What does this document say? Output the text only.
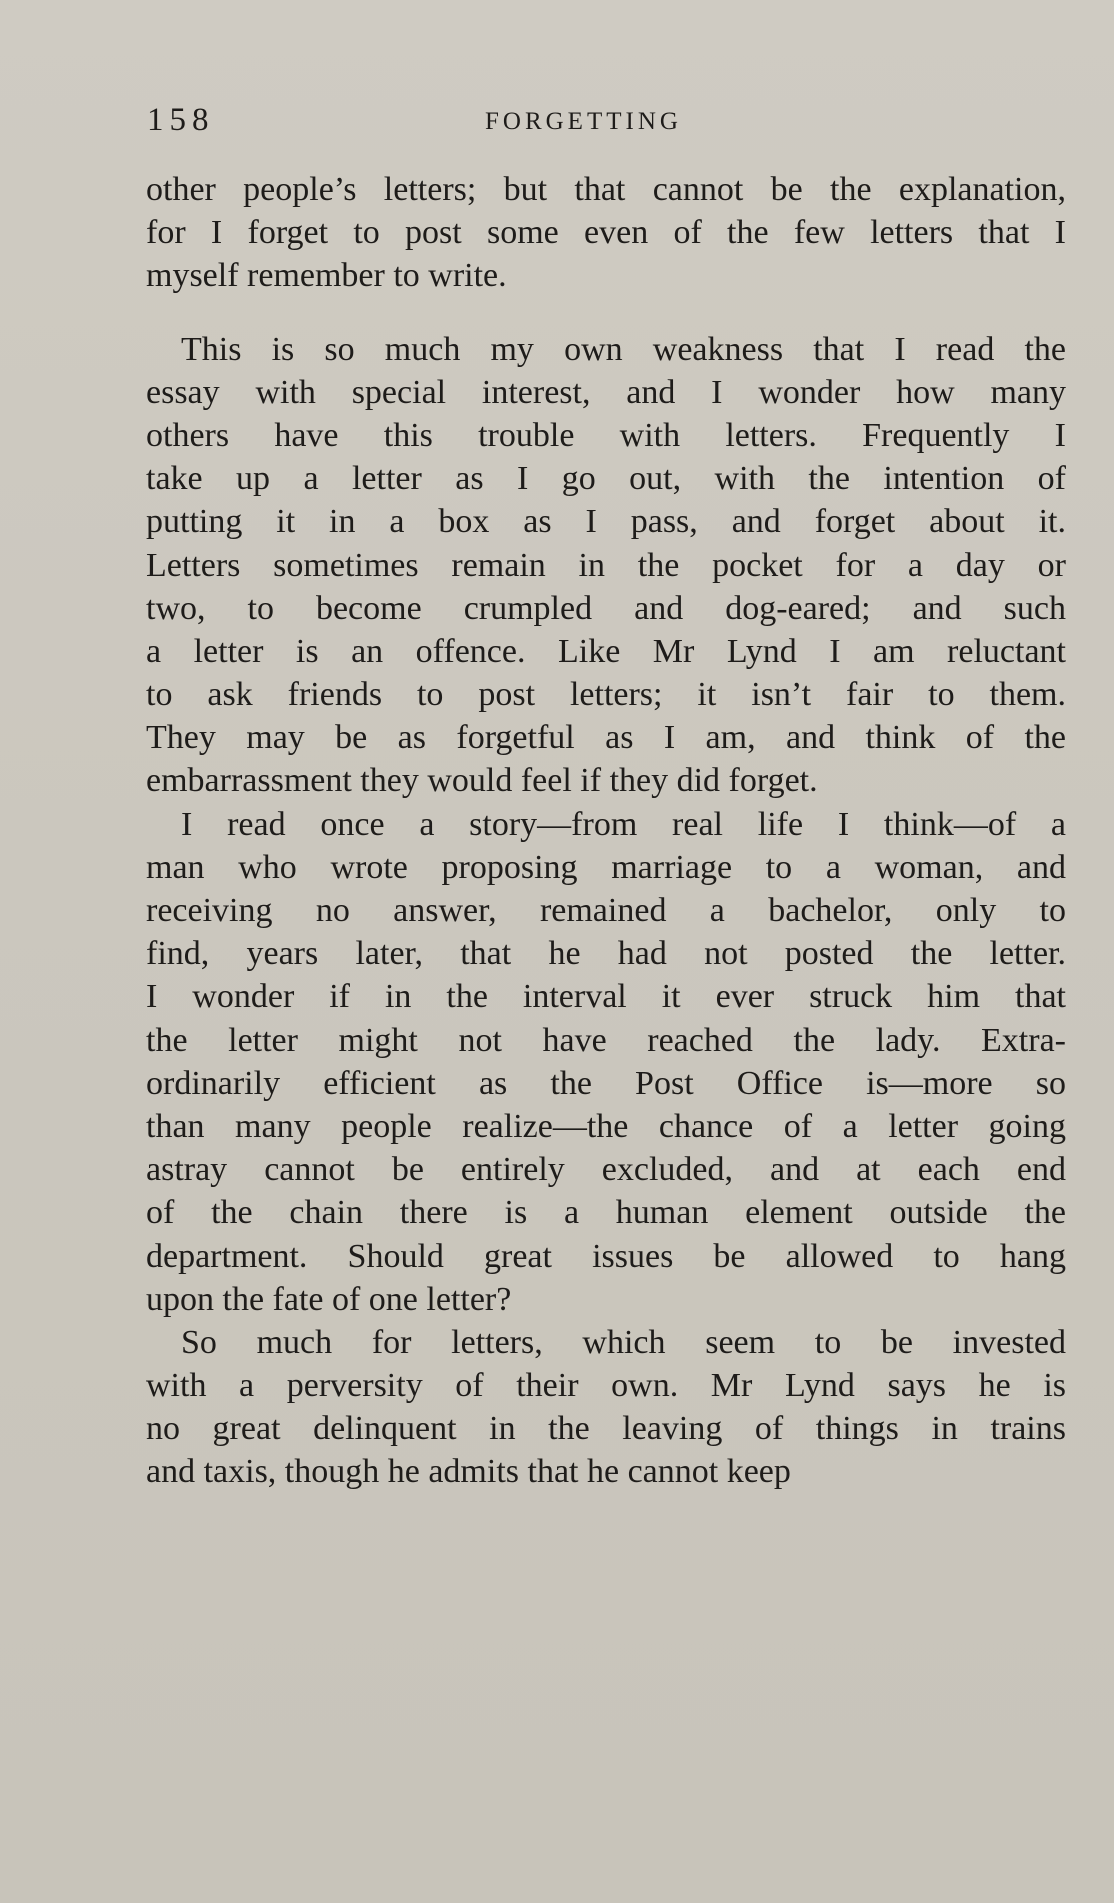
158	FORGETTING
other people’s letters; but that cannot be the explanation,
for I forget to post some even of the few letters that I
myself remember to write.
This is so much my own weakness that I read the
essay with special interest, and I wonder how many
others have this trouble with letters. Frequently I
take up a letter as I go out, with the intention of
putting it in a box as I pass, and forget about it.
Letters sometimes remain in the pocket for a day or
two, to become crumpled and dog-eared; and such
a letter is an offence. Like Mr Lynd I am reluctant
to ask friends to post letters; it isn’t fair to them.
They may be as forgetful as I am, and think of the
embarrassment they would feel if they did forget.
I read once a story—from real life I think—of a
man who wrote proposing marriage to a woman, and
receiving no answer, remained a bachelor, only to
find, years later, that he had not posted the letter.
I wonder if in the interval it ever struck him that
the letter might not have reached the lady. Extra-
ordinarily efficient as the Post Office is—more so
than many people realize—the chance of a letter going
astray cannot be entirely excluded, and at each end
of the chain there is a human element outside the
department. Should great issues be allowed to hang
upon the fate of one letter?
So much for letters, which seem to be invested
with a perversity of their own. Mr Lynd says he is
no great delinquent in the leaving of things in trains
and taxis, though he admits that he cannot keep
